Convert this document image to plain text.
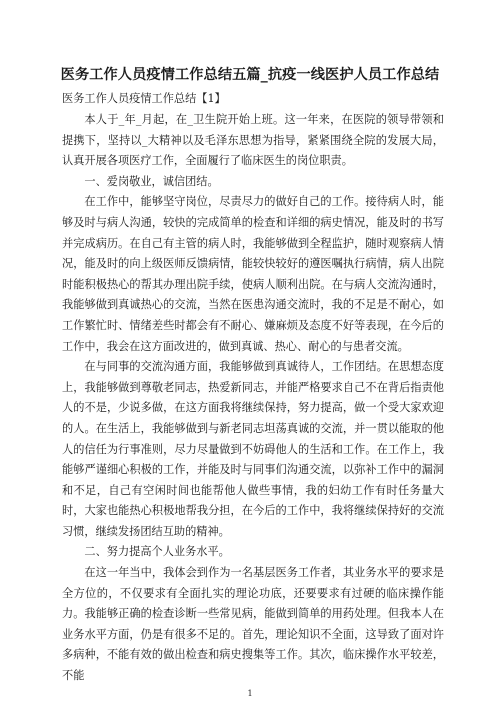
医务工作人员疫情工作总结五篇_抗疫一线医护人员工作总结
医务工作人员疫情工作总结【1】

本人于_年_月起，在_卫生院开始上班。这一年来，在医院的领导带领和提携下，坚持以_大精神以及毛泽东思想为指导，紧紧围绕全院的发展大局，认真开展各项医疗工作，全面履行了临床医生的岗位职责。

一、爱岗敬业，诚信团结。

在工作中，能够坚守岗位，尽责尽力的做好自己的工作。接待病人时，能够及时与病人沟通，较快的完成简单的检查和详细的病史情况，能及时的书写并完成病历。在自己有主管的病人时，我能够做到全程监护，随时观察病人情况，能及时的向上级医师反馈病情，能较快较好的遵医嘱执行病情，病人出院时能积极热心的帮其办理出院手续，使病人顺利出院。在与病人交流沟通时，我能够做到真诚热心的交流，当然在医患沟通交流时，我的不足是不耐心，如工作繁忙时、情绪差些时都会有不耐心、嫌麻烦及态度不好等表现，在今后的工作中，我会在这方面改进的，做到真诚、热心、耐心的与患者交流。

在与同事的交流沟通方面，我能够做到真诚待人，工作团结。在思想态度上，我能够做到尊敬老同志，热爱新同志，并能严格要求自己不在背后指责他人的不是，少说多做，在这方面我将继续保持，努力提高，做一个受大家欢迎的人。在生活上，我能够做到与新老同志坦荡真诚的交流，并一贯以能取的他人的信任为行事准则，尽力尽量做到不妨碍他人的生活和工作。在工作上，我能够严谨细心积极的工作，并能及时与同事们沟通交流，以弥补工作中的漏洞和不足，自己有空闲时间也能帮他人做些事情，我的妇幼工作有时任务量大时，大家也能热心积极地帮我分担，在今后的工作中，我将继续保持好的交流习惯，继续发扬团结互助的精神。

二、努力提高个人业务水平。

在这一年当中，我体会到作为一名基层医务工作者，其业务水平的要求是全方位的，不仅要求有全面扎实的理论功底，还要要求有过硬的临床操作能力。我能够正确的检查诊断一些常见病，能做到简单的用药处理。但我本人在业务水平方面，仍是有很多不足的。首先，理论知识不全面，这导致了面对许多病种，不能有效的做出检查和病史搜集等工作。其次，临床操作水平较差，不能

1
